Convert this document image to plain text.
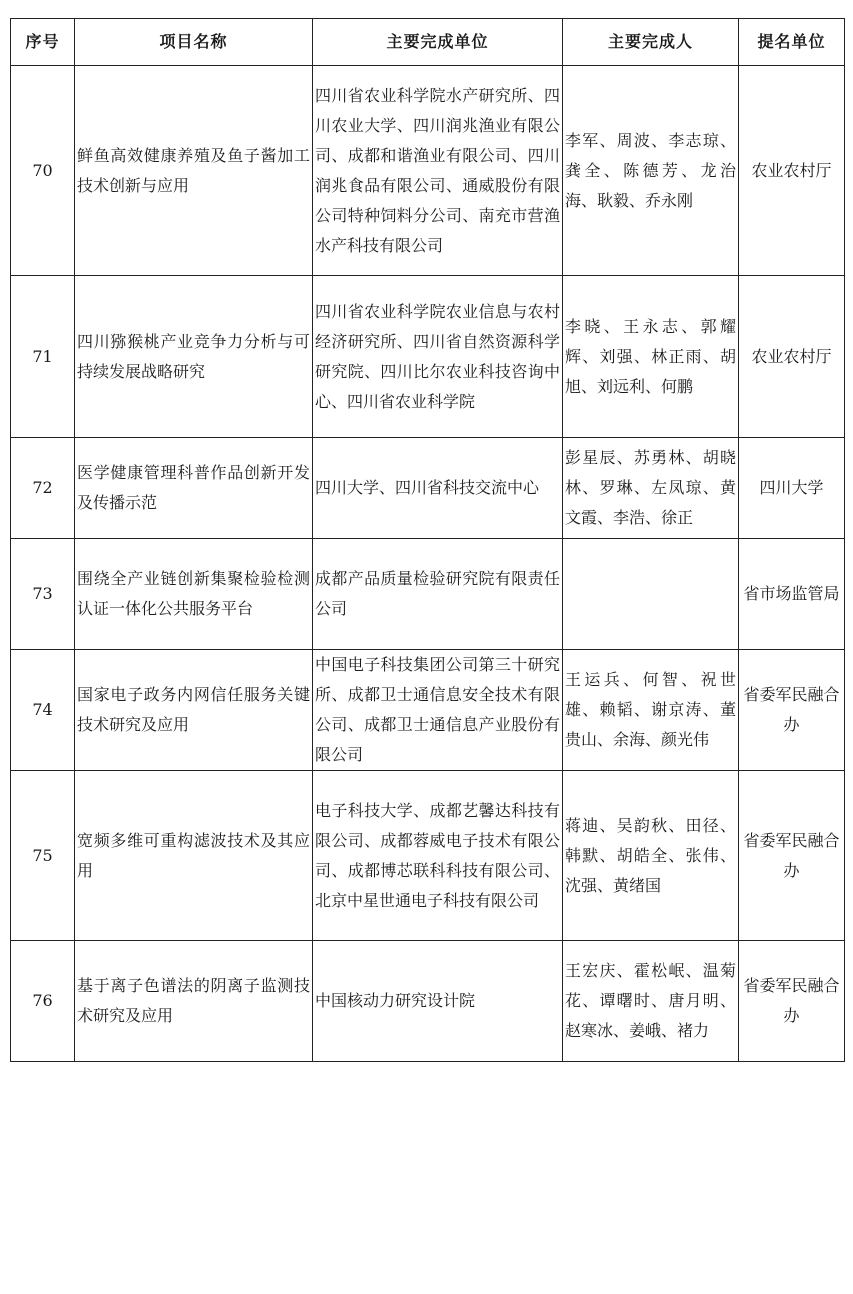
序号	项目名称	主要完成单位	主要完成人	提名单位
70	鲜鱼高效健康养殖及鱼子酱加工技术创新与应用	四川省农业科学院水产研究所、四川农业大学、四川润兆渔业有限公司、成都和谐渔业有限公司、四川润兆食品有限公司、通威股份有限公司特种饲料分公司、南充市营渔水产科技有限公司	李军、周波、李志琼、龚全、陈德芳、龙治海、耿毅、乔永刚	农业农村厅
71	四川猕猴桃产业竞争力分析与可持续发展战略研究	四川省农业科学院农业信息与农村经济研究所、四川省自然资源科学研究院、四川比尔农业科技咨询中心、四川省农业科学院	李晓、王永志、郭耀辉、刘强、林正雨、胡旭、刘远利、何鹏	农业农村厅
72	医学健康管理科普作品创新开发及传播示范	四川大学、四川省科技交流中心	彭星辰、苏勇林、胡晓林、罗琳、左凤琼、黄文霞、李浩、徐正	四川大学
73	围绕全产业链创新集聚检验检测认证一体化公共服务平台	成都产品质量检验研究院有限责任公司		省市场监管局
74	国家电子政务内网信任服务关键技术研究及应用	中国电子科技集团公司第三十研究所、成都卫士通信息安全技术有限公司、成都卫士通信息产业股份有限公司	王运兵、何智、祝世雄、赖韬、谢京涛、董贵山、余海、颜光伟	省委军民融合办
75	宽频多维可重构滤波技术及其应用	电子科技大学、成都艺馨达科技有限公司、成都蓉威电子技术有限公司、成都博芯联科科技有限公司、北京中星世通电子科技有限公司	蒋迪、吴韵秋、田径、韩默、胡皓全、张伟、沈强、黄绪国	省委军民融合办
76	基于离子色谱法的阴离子监测技术研究及应用	中国核动力研究设计院	王宏庆、霍松岷、温菊花、谭曙时、唐月明、赵寒冰、姜峨、褚力	省委军民融合办
